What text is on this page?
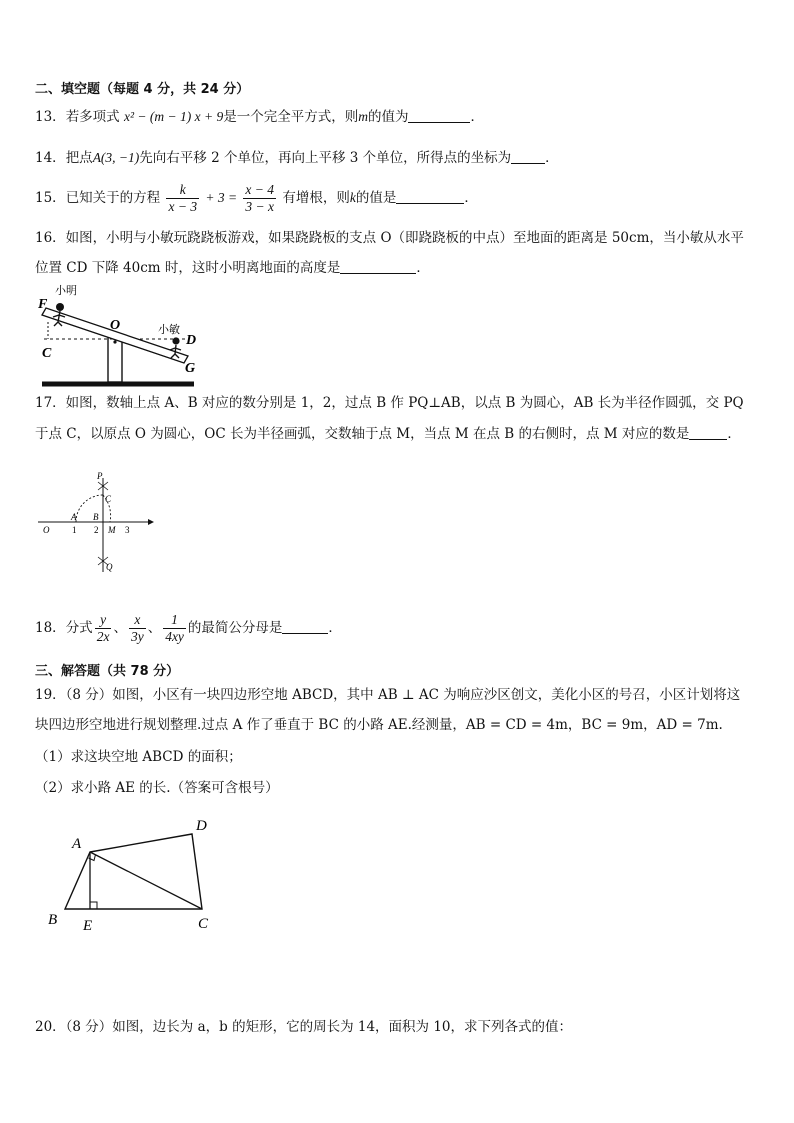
二、填空题（每题 4 分，共 24 分）
13．若多项式 x² − (m − 1) x + 9是一个完全平方式，则m的值为	．
14．把点A(3, −1)先向右平移 2 个单位，再向上平移 3 个单位，所得点的坐标为	．
15．已知关于的方程 $\frac{k}{x - 3} + 3 = \frac{x - 4}{3 - x}$ 有增根，则k的值是	．
16．如图，小明与小敏玩跷跷板游戏，如果跷跷板的支点 O（即跷跷板的中点）至地面的距离是 50cm，当小敏从水平
位置 CD 下降 40cm 时，这时小明离地面的高度是	．
F
小明
O	小敏
D
C
G
17．如图，数轴上点 A、B 对应的数分别是 1，2，过点 B 作 PQ⊥AB，以点 B 为圆心，AB 长为半径作圆弧，交 PQ
于点 C，以原点 O 为圆心，OC 长为半径画弧，交数轴于点 M，当点 M 在点 B 的右侧时，点 M 对应的数是	．
P
C
A B
O	1 2 M 3
Q
18．分式 $\frac{y}{2x}$ 、 $\frac{x}{3y}$ 、 $\frac{1}{4xy}$ 的最简公分母是	．
三、解答题（共 78 分）
19．（8 分）如图，小区有一块四边形空地 ABCD，其中 AB ⊥ AC 为响应沙区创文，美化小区的号召，小区计划将这
块四边形空地进行规划整理.过点 A 作了垂直于 BC 的小路 AE.经测量，AB = CD = 4m，BC = 9m，AD = 7m.
（1）求这块空地 ABCD 的面积；
（2）求小路 AE 的长.（答案可含根号）
A
D
B E	C
20．（8 分）如图，边长为 a，b 的矩形，它的周长为 14，面积为 10，求下列各式的值：
